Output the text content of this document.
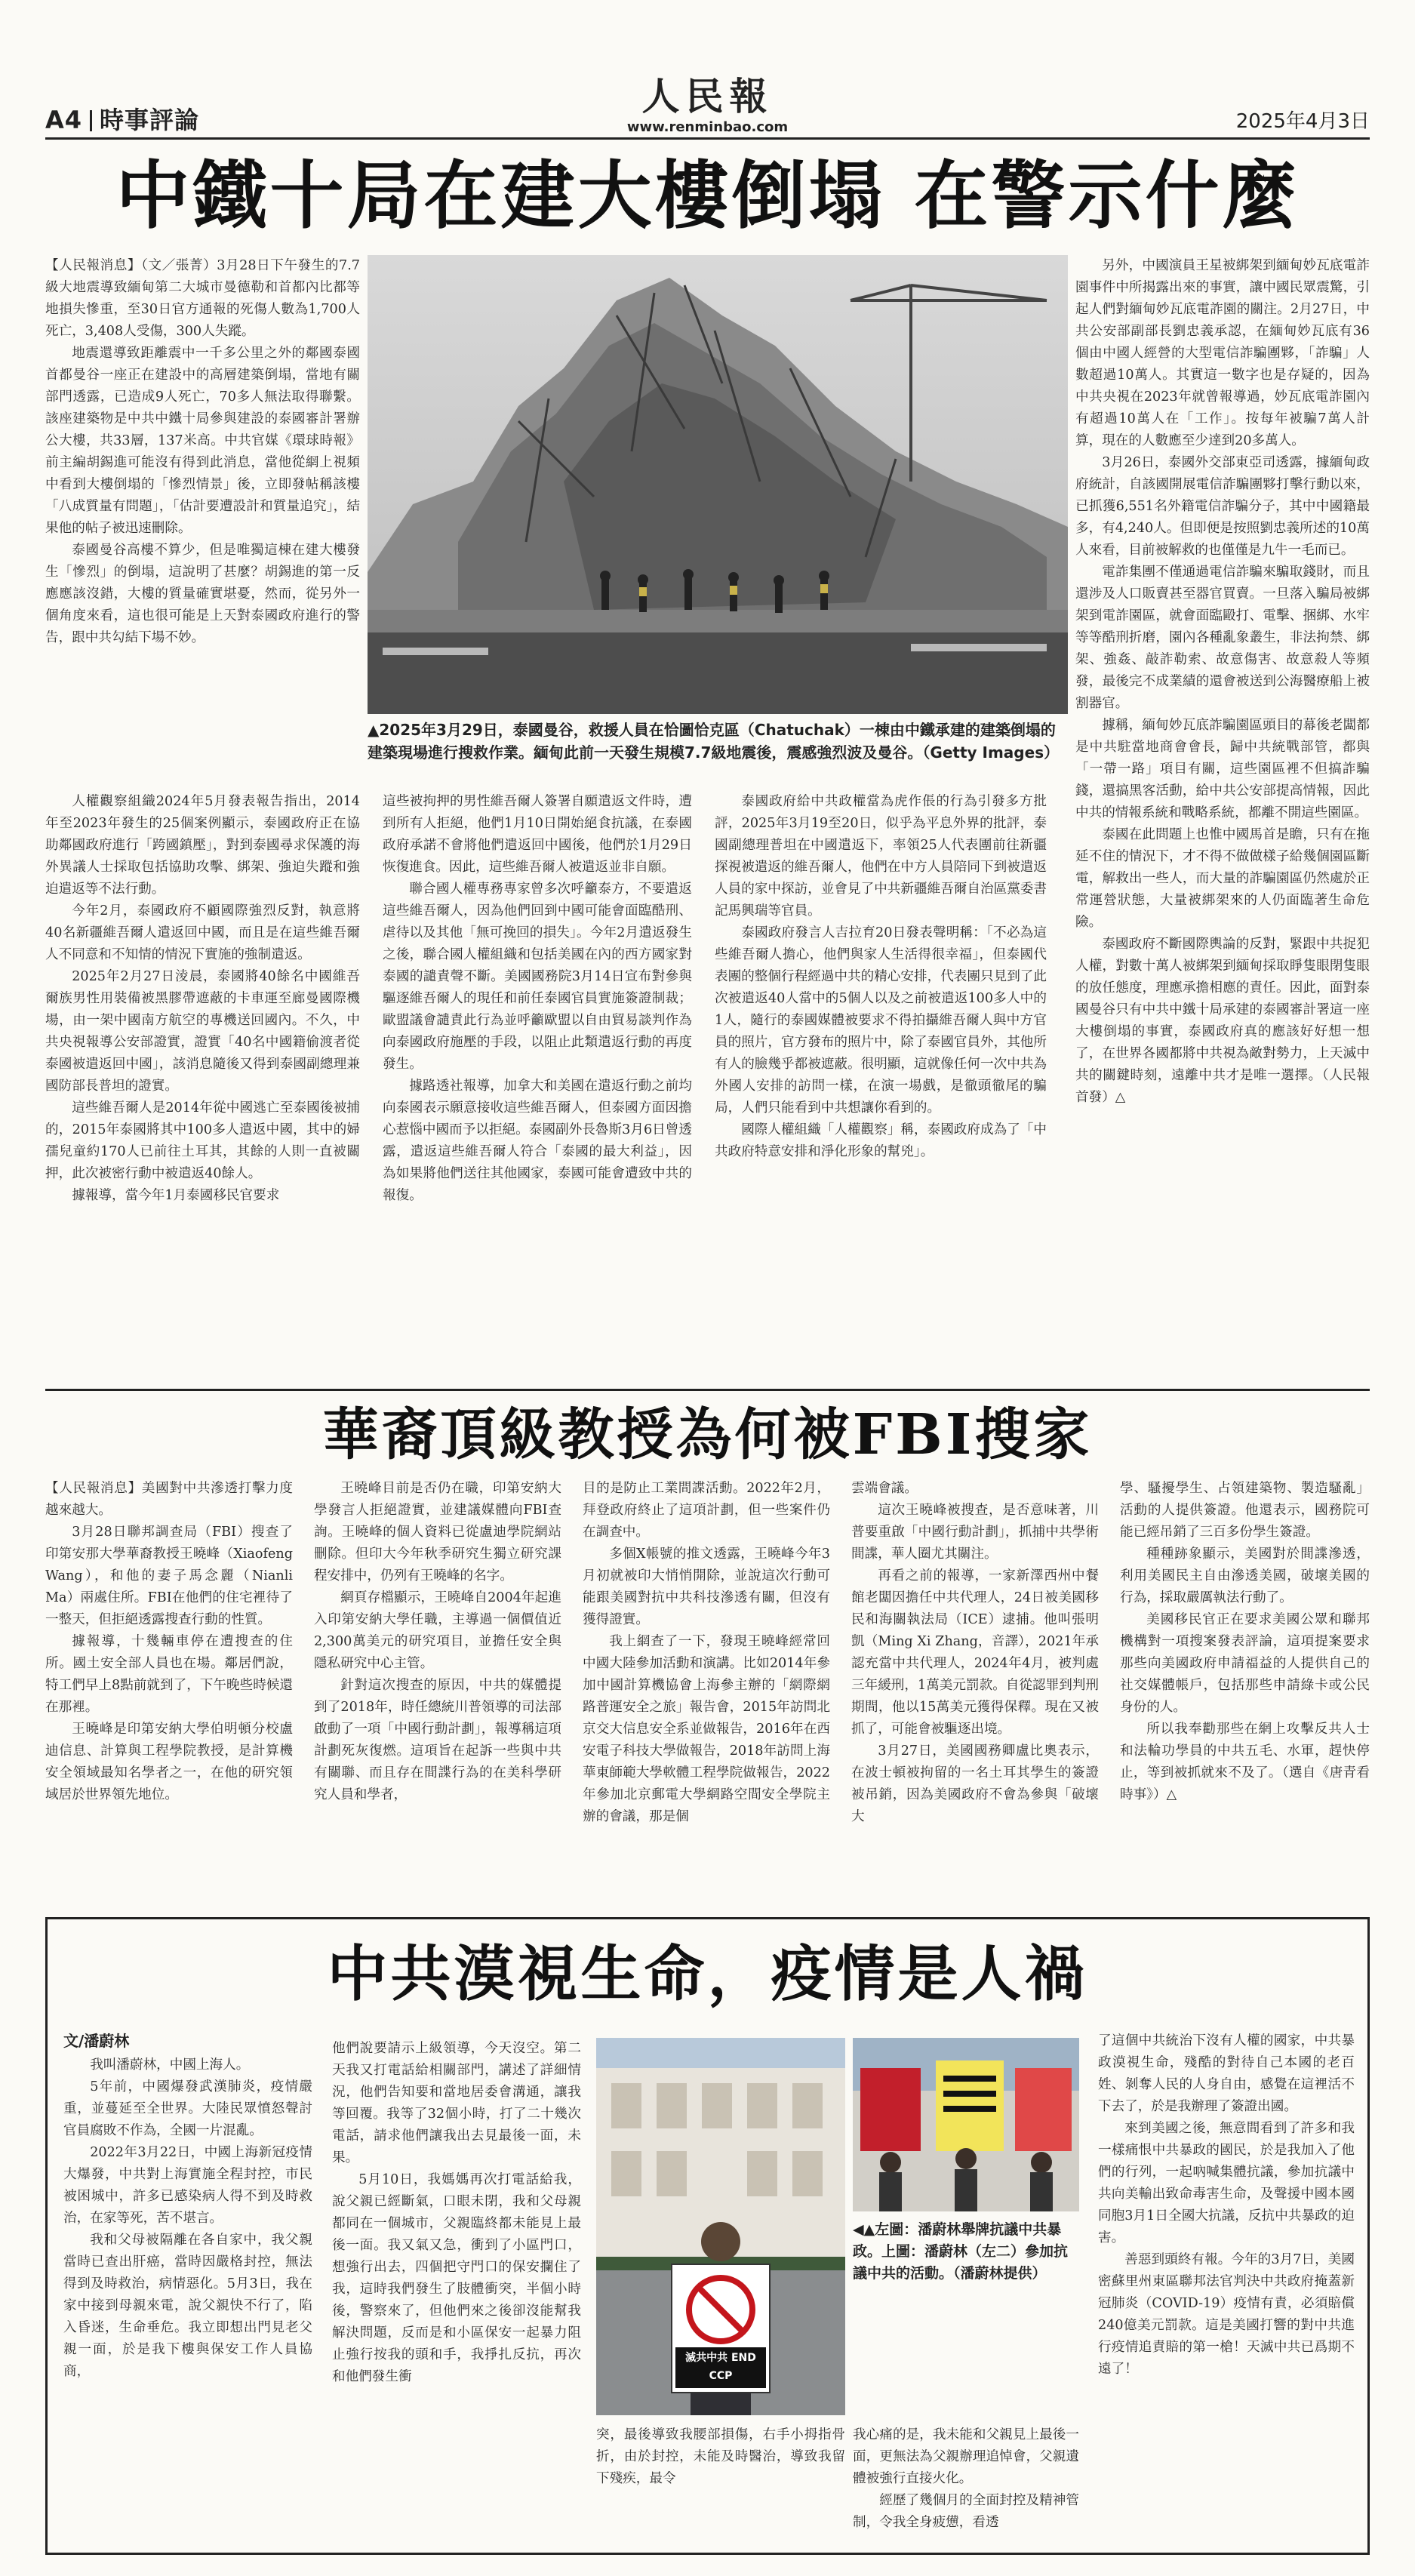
A4 時事評論
人民報
www.renminbao.com	2025年4月3日
中鐵十局在建大樓倒塌 在警示什麼

【人民報消息】（文／張菁）3月28日下午發生的7.7級大地震導致緬甸第二大城市曼德勒和首都內比都等地損失慘重，至30日官方通報的死傷人數為1,700人死亡，3,408人受傷，300人失蹤。

地震還導致距離震中一千多公里之外的鄰國泰國首都曼谷一座正在建設中的高層建築倒塌，當地有關部門透露，已造成9人死亡，70多人無法取得聯繫。該座建築物是中共中鐵十局參與建設的泰國審計署辦公大樓，共33層，137米高。中共官媒《環球時報》前主編胡錫進可能沒有得到此消息，當他從網上視頻中看到大樓倒塌的「慘烈情景」後，立即發帖稱該樓「八成質量有問題」，「估計要遭設計和質量追究」，結果他的帖子被迅速刪除。

泰國曼谷高樓不算少，但是唯獨這棟在建大樓發生「慘烈」的倒塌，這說明了甚麼？胡錫進的第一反應應該沒錯，大樓的質量確實堪憂，然而，從另外一個角度來看，這也很可能是上天對泰國政府進行的警告，跟中共勾結下場不妙。

▲2025年3月29日，泰國曼谷，救援人員在恰圖恰克區（Chatuchak）一棟由中鐵承建的建築倒塌的建築現場進行搜救作業。緬甸此前一天發生規模7.7級地震後，震感強烈波及曼谷。（Getty Images）

另外，中國演員王星被綁架到緬甸妙瓦底電詐園事件中所揭露出來的事實，讓中國民眾震驚，引起人們對緬甸妙瓦底電詐園的關注。2月27日，中共公安部副部長劉忠義承認，在緬甸妙瓦底有36個由中國人經營的大型電信詐騙團夥，「詐騙」人數超過10萬人。其實這一數字也是存疑的，因為中共央視在2023年就曾報導過，妙瓦底電詐園內有超過10萬人在「工作」。按每年被騙7萬人計算，現在的人數應至少達到20多萬人。

3月26日，泰國外交部東亞司透露，據緬甸政府統計，自該國開展電信詐騙團夥打擊行動以來，已抓獲6,551名外籍電信詐騙分子，其中中國籍最多，有4,240人。但即便是按照劉忠義所述的10萬人來看，目前被解救的也僅僅是九牛一毛而已。

電詐集團不僅通過電信詐騙來騙取錢財，而且還涉及人口販賣甚至器官買賣。一旦落入騙局被綁架到電詐園區，就會面臨毆打、電擊、捆綁、水牢等等酷刑折磨，園內各種亂象叢生，非法拘禁、綁架、強姦、敲詐勒索、故意傷害、故意殺人等頻發，最後完不成業績的還會被送到公海醫療船上被割器官。

據稱，緬甸妙瓦底詐騙園區頭目的幕後老闆都是中共駐當地商會會長，歸中共統戰部管，都與「一帶一路」項目有關，這些園區裡不但搞詐騙錢，還搞黑客活動，給中共公安部提高情報，因此中共的情報系統和戰略系統，都離不開這些園區。

泰國在此問題上也惟中國馬首是瞻，只有在拖延不住的情況下，才不得不做做樣子給幾個園區斷電，解救出一些人，而大量的詐騙園區仍然處於正常運營狀態，大量被綁架來的人仍面臨著生命危險。

泰國政府不斷國際輿論的反對，緊跟中共捉犯人權，對數十萬人被綁架到緬甸採取睜隻眼閉隻眼的放任態度，理應承擔相應的責任。因此，面對泰國曼谷只有中共中鐵十局承建的泰國審計署這一座大樓倒塌的事實，泰國政府真的應該好好想一想了，在世界各國都將中共視為敵對勢力，上天滅中共的關鍵時刻，遠離中共才是唯一選擇。（人民報首發）△

人權觀察組織2024年5月發表報告指出，2014年至2023年發生的25個案例顯示，泰國政府正在協助鄰國政府進行「跨國鎮壓」，對到泰國尋求保護的海外異議人士採取包括協助攻擊、綁架、強迫失蹤和強迫遣返等不法行動。

今年2月，泰國政府不顧國際強烈反對，執意將40名新疆維吾爾人遣返回中國，而且是在這些維吾爾人不同意和不知情的情況下實施的強制遣返。

2025年2月27日淩晨，泰國將40餘名中國維吾爾族男性用裝備被黑膠帶遮蔽的卡車運至廊曼國際機場，由一架中國南方航空的專機送回國內。不久，中共央視報導公安部證實，證實「40名中國籍偷渡者從泰國被遣返回中國」，該消息隨後又得到泰國副總理兼國防部長普坦的證實。

這些維吾爾人是2014年從中國逃亡至泰國後被捕的，2015年泰國將其中100多人遣返中國，其中的婦孺兒童約170人已前往土耳其，其餘的人則一直被關押，此次被密行動中被遣返40餘人。

據報導，當今年1月泰國移民官要求

這些被拘押的男性維吾爾人簽署自願遣返文件時，遭到所有人拒絕，他們1月10日開始絕食抗議，在泰國政府承諾不會將他們遣返回中國後，他們於1月29日恢復進食。因此，這些維吾爾人被遣返並非自願。

聯合國人權專務專家曾多次呼籲泰方，不要遣返這些維吾爾人，因為他們回到中國可能會面臨酷刑、虐待以及其他「無可挽回的損失」。今年2月遣返發生之後，聯合國人權組織和包括美國在內的西方國家對泰國的譴責聲不斷。美國國務院3月14日宣布對參與驅逐維吾爾人的現任和前任泰國官員實施簽證制裁；歐盟議會譴責此行為並呼籲歐盟以自由貿易談判作為向泰國政府施壓的手段，以阻止此類遣返行動的再度發生。

據路透社報導，加拿大和美國在遣返行動之前均向泰國表示願意接收這些維吾爾人，但泰國方面因擔心惹惱中國而予以拒絕。泰國副外長魯斯3月6日曾透露，遣返這些維吾爾人符合「泰國的最大利益」，因為如果將他們送往其他國家，泰國可能會遭致中共的報復。

泰國政府給中共政權當為虎作倀的行為引發多方批評，2025年3月19至20日，似乎為平息外界的批評，泰國副總理普坦在中國遣返下，率領25人代表團前往新疆探視被遣返的維吾爾人，他們在中方人員陪同下到被遣返人員的家中探訪，並會見了中共新疆維吾爾自治區黨委書記馬興瑞等官員。

泰國政府發言人吉拉育20日發表聲明稱：「不必為這些維吾爾人擔心，他們與家人生活得很幸福」，但泰國代表團的整個行程經過中共的精心安排，代表團只見到了此次被遣返40人當中的5個人以及之前被遣返100多人中的1人，隨行的泰國媒體被要求不得拍攝維吾爾人與中方官員的照片，官方發布的照片中，除了泰國官員外，其他所有人的臉幾乎都被遮蔽。很明顯，這就像任何一次中共為外國人安排的訪問一樣，在演一場戲，是徹頭徹尾的騙局，人們只能看到中共想讓你看到的。

國際人權組織「人權觀察」稱，泰國政府成為了「中共政府特意安排和淨化形象的幫兇」。

華裔頂級教授為何被FBI搜家

【人民報消息】美國對中共滲透打擊力度越來越大。

3月28日聯邦調查局（FBI）搜查了印第安那大學華裔教授王曉峰（Xiaofeng Wang），和他的妻子馬念麗（Nianli Ma）兩處住所。FBI在他們的住宅裡待了一整天，但拒絕透露搜查行動的性質。

據報導，十幾輛車停在遭搜查的住所。國土安全部人員也在場。鄰居們說，特工們早上8點前就到了，下午晚些時候還在那裡。

王曉峰是印第安納大學伯明頓分校盧迪信息、計算與工程學院教授，是計算機安全領域最知名學者之一，在他的研究領域居於世界領先地位。

王曉峰目前是否仍在職，印第安納大學發言人拒絕證實，並建議媒體向FBI查詢。王曉峰的個人資料已從盧迪學院網站刪除。但印大今年秋季研究生獨立研究課程安排中，仍列有王曉峰的名字。

網頁存檔顯示，王曉峰自2004年起進入印第安納大學任職，主導過一個價值近2,300萬美元的研究項目，並擔任安全與隱私研究中心主管。

針對這次搜查的原因，中共的媒體提到了2018年，時任總統川普領導的司法部啟動了一項「中國行動計劃」，報導稱這項計劃死灰復燃。這項旨在起訴一些與中共有關聯、而且存在間諜行為的在美科學研究人員和學者，

目的是防止工業間諜活動。2022年2月，拜登政府終止了這項計劃，但一些案件仍在調查中。

多個X帳號的推文透露，王曉峰今年3月初就被印大悄悄開除，並說這次行動可能跟美國對抗中共科技滲透有關，但沒有獲得證實。

我上網查了一下，發現王曉峰經常回中國大陸參加活動和演講。比如2014年參加中國計算機協會上海參主辦的「網際網路普運安全之旅」報告會，2015年訪問北京交大信息安全系並做報告，2016年在西安電子科技大學做報告，2018年訪問上海華東師範大學軟體工程學院做報告，2022年參加北京郵電大學網路空間安全學院主辦的會議，那是個

雲端會議。

這次王曉峰被搜查，是否意味著，川普要重啟「中國行動計劃」，抓捕中共學術間諜，華人圈尤其關注。

再看之前的報導，一家新澤西州中餐館老闆因擔任中共代理人，24日被美國移民和海關執法局（ICE）逮捕。他叫張明凱（Ming Xi Zhang，音譯），2021年承認充當中共代理人，2024年4月，被判處三年緩刑，1萬美元罰款。自從認罪到判刑期間，他以15萬美元獲得保釋。現在又被抓了，可能會被驅逐出境。

3月27日，美國國務卿盧比奧表示，在波士頓被拘留的一名土耳其學生的簽證被吊銷，因為美國政府不會為參與「破壞大

學、騷擾學生、占領建築物、製造騷亂」活動的人提供簽證。他還表示，國務院可能已經吊銷了三百多份學生簽證。

種種跡象顯示，美國對於間諜滲透，利用美國民主自由滲透美國，破壞美國的行為，採取嚴厲執法行動了。

美國移民官正在要求美國公眾和聯邦機構對一項搜案發表評論，這項提案要求那些向美國政府申請福益的人提供自己的社交媒體帳戶，包括那些申請綠卡或公民身份的人。

所以我奉勸那些在網上攻擊反共人士和法輪功學員的中共五毛、水軍，趕快停止，等到被抓就來不及了。（選自《唐青看時事》）△

中共漠視生命，疫情是人禍
文/潘蔚林

我叫潘蔚林，中國上海人。

5年前，中國爆發武漢肺炎，疫情嚴重，並蔓延至全世界。大陸民眾憤怒聲討官員腐敗不作為，全國一片混亂。

2022年3月22日，中國上海新冠疫情大爆發，中共對上海實施全程封控，市民被困城中，許多已感染病人得不到及時救治，在家等死，苦不堪言。

我和父母被隔離在各自家中，我父親當時已查出肝癌，當時因嚴格封控，無法得到及時救治，病情惡化。5月3日，我在家中接到母親來電，說父親快不行了，陷入昏迷，生命垂危。我立即想出門見老父親一面，於是我下樓與保安工作人員協商，

他們說要請示上級領導，今天沒空。第二天我又打電話給相關部門，講述了詳細情況，他們告知要和當地居委會溝通，讓我等回覆。我等了32個小時，打了二十幾次電話，請求他們讓我出去見最後一面，未果。

5月10日，我媽媽再次打電話給我，說父親已經斷氣，口眼未閉，我和父母親都同在一個城市，父親臨終都未能見上最後一面。我又氣又急，衝到了小區門口，想強行出去，四個把守門口的保安攔住了我，這時我們發生了肢體衝突，半個小時後，警察來了，但他們來之後卻沒能幫我解決問題，反而是和小區保安一起暴力阻止強行按我的頭和手，我掙扎反抗，再次和他們發生衝

滅共中共 END CCP
◀▲左圖：潘蔚林舉牌抗議中共暴政。上圖：潘蔚林（左二）參加抗議中共的活動。（潘蔚林提供）

突，最後導致我腰部損傷，右手小拇指骨折，由於封控，未能及時醫治，導致我留下殘疾，最令

我心痛的是，我未能和父親見上最後一面，更無法為父親辦理追悼會，父親遺體被強行直接火化。

經歷了幾個月的全面封控及精神管制，令我全身疲憊，看透

了這個中共統治下沒有人權的國家，中共暴政漠視生命，殘酷的對待自己本國的老百姓、剝奪人民的人身自由，感覺在這裡活不下去了，於是我辦理了簽證出國。

來到美國之後，無意間看到了許多和我一樣痛恨中共暴政的國民，於是我加入了他們的行列，一起吶喊集體抗議，參加抗議中共向美輸出致命毒害生命，及聲援中國本國同胞3月1日全國大抗議，反抗中共暴政的迫害。

善惡到頭終有報。今年的3月7日，美國密蘇里州東區聯邦法官判決中共政府掩蓋新冠肺炎（COVID-19）疫情有責，必須賠償240億美元罰款。這是美國打響的對中共進行疫情追責賠的第一槍！天滅中共已爲期不遠了！
